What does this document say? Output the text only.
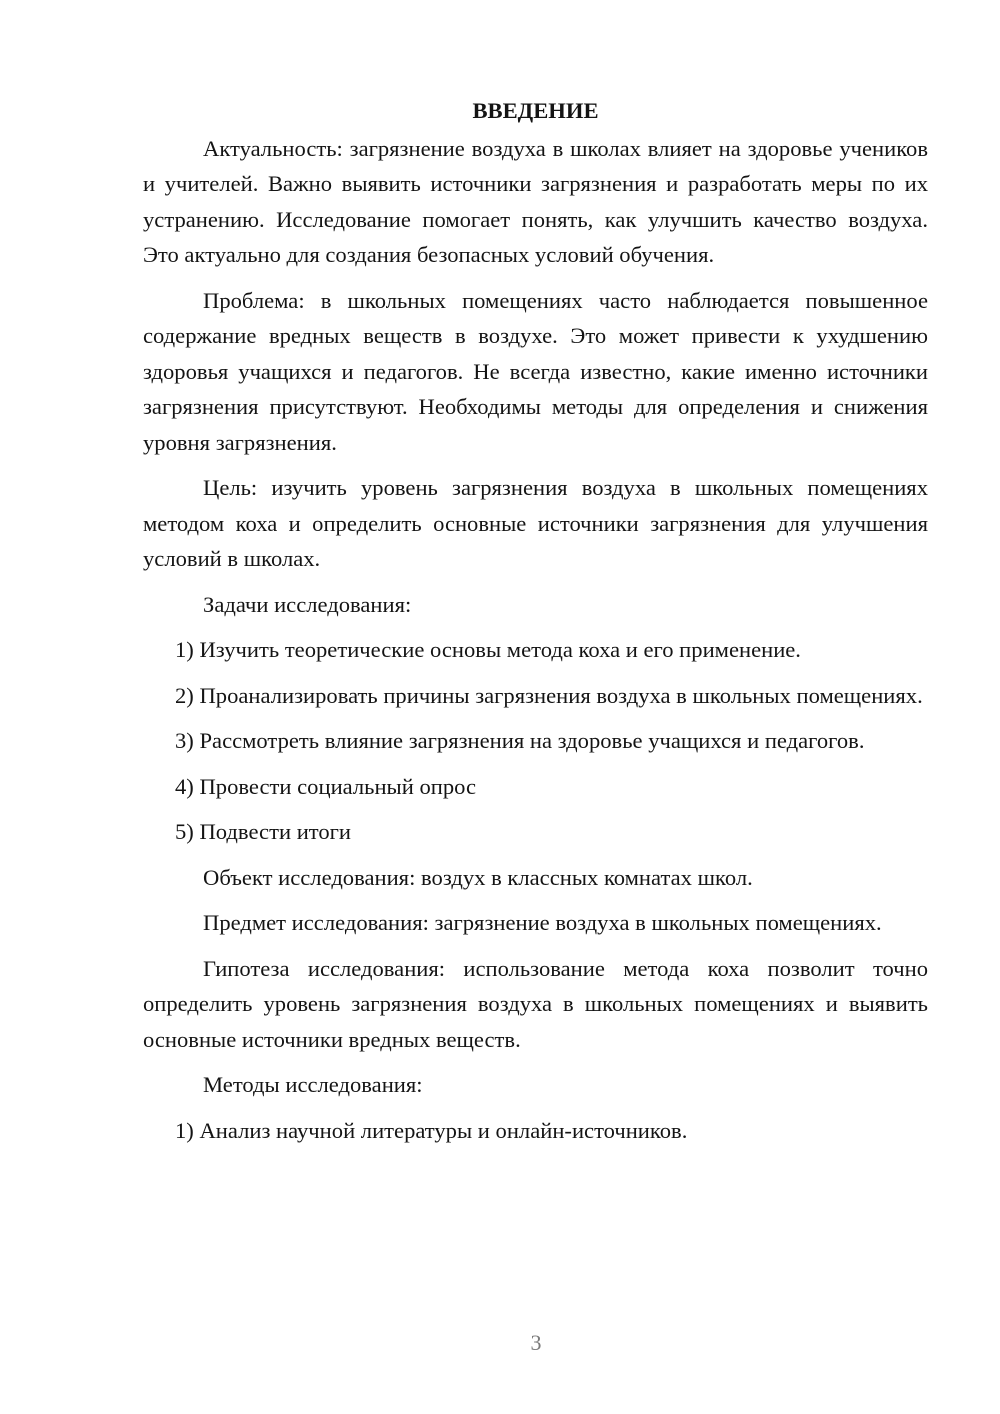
ВВЕДЕНИЕ

Актуальность: загрязнение воздуха в школах влияет на здоровье учеников и учителей. Важно выявить источники загрязнения и разработать меры по их устранению. Исследование помогает понять, как улучшить качество воздуха. Это актуально для создания безопасных условий обучения.

Проблема: в школьных помещениях часто наблюдается повышенное содержание вредных веществ в воздухе. Это может привести к ухудшению здоровья учащихся и педагогов. Не всегда известно, какие именно источники загрязнения присутствуют. Необходимы методы для определения и снижения уровня загрязнения.

Цель: изучить уровень загрязнения воздуха в школьных помещениях методом коха и определить основные источники загрязнения для улучшения условий в школах.

Задачи исследования:

1) Изучить теоретические основы метода коха и его применение.

2) Проанализировать причины загрязнения воздуха в школьных помещениях.

3) Рассмотреть влияние загрязнения на здоровье учащихся и педагогов.

4) Провести социальный опрос

5) Подвести итоги

Объект исследования: воздух в классных комнатах школ.

Предмет исследования: загрязнение воздуха в школьных помещениях.

Гипотеза исследования: использование метода коха позволит точно определить уровень загрязнения воздуха в школьных помещениях и выявить основные источники вредных веществ.

Методы исследования:

1) Анализ научной литературы и онлайн-источников.

3
